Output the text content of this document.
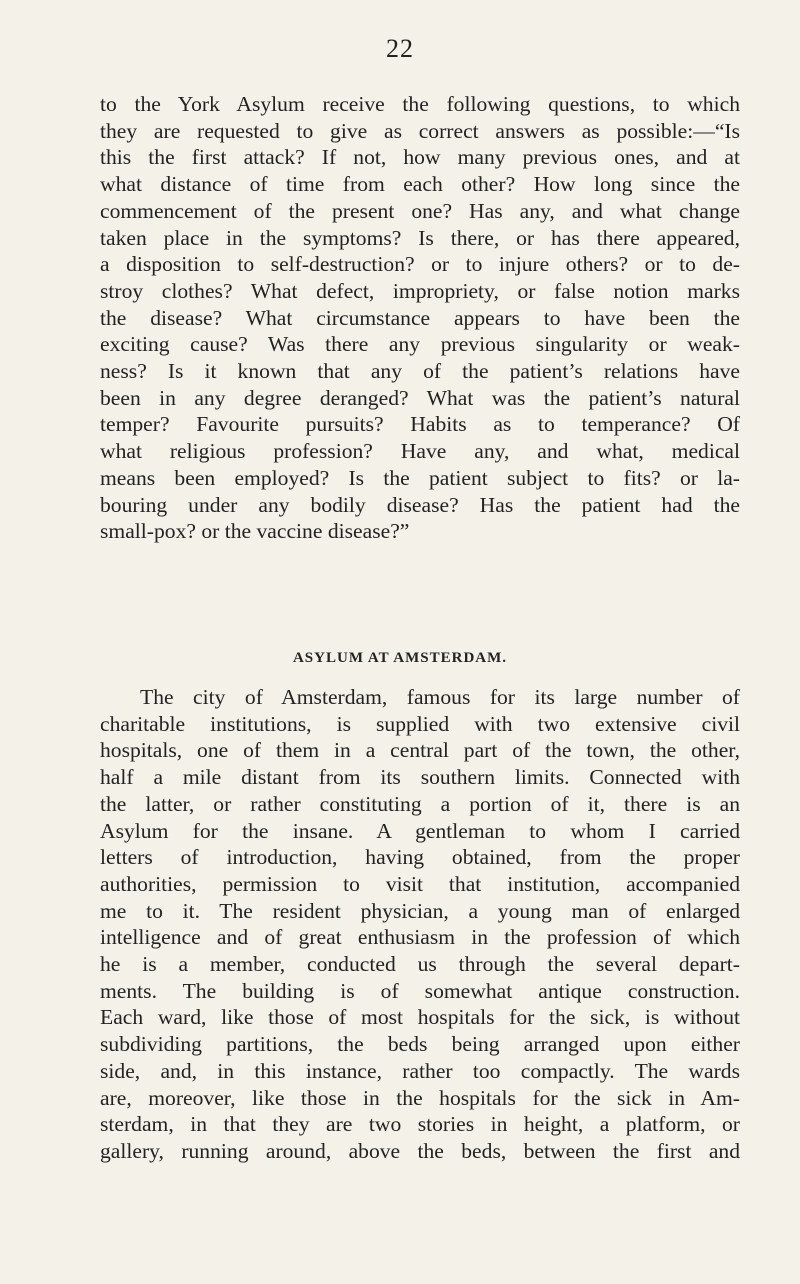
22
to the York Asylum receive the following questions, to which
they are requested to give as correct answers as possible:—“Is
this the first attack? If not, how many previous ones, and at
what distance of time from each other? How long since the
commencement of the present one? Has any, and what change
taken place in the symptoms? Is there, or has there appeared,
a disposition to self-destruction? or to injure others? or to de-
stroy clothes? What defect, impropriety, or false notion marks
the disease? What circumstance appears to have been the
exciting cause? Was there any previous singularity or weak-
ness? Is it known that any of the patient’s relations have
been in any degree deranged? What was the patient’s natural
temper? Favourite pursuits? Habits as to temperance? Of
what religious profession? Have any, and what, medical
means been employed? Is the patient subject to fits? or la-
bouring under any bodily disease? Has the patient had the
small-pox? or the vaccine disease?”
ASYLUM AT AMSTERDAM.
The city of Amsterdam, famous for its large number of
charitable institutions, is supplied with two extensive civil
hospitals, one of them in a central part of the town, the other,
half a mile distant from its southern limits. Connected with
the latter, or rather constituting a portion of it, there is an
Asylum for the insane. A gentleman to whom I carried
letters of introduction, having obtained, from the proper
authorities, permission to visit that institution, accompanied
me to it. The resident physician, a young man of enlarged
intelligence and of great enthusiasm in the profession of which
he is a member, conducted us through the several depart-
ments. The building is of somewhat antique construction.
Each ward, like those of most hospitals for the sick, is without
subdividing partitions, the beds being arranged upon either
side, and, in this instance, rather too compactly. The wards
are, moreover, like those in the hospitals for the sick in Am-
sterdam, in that they are two stories in height, a platform, or
gallery, running around, above the beds, between the first and
